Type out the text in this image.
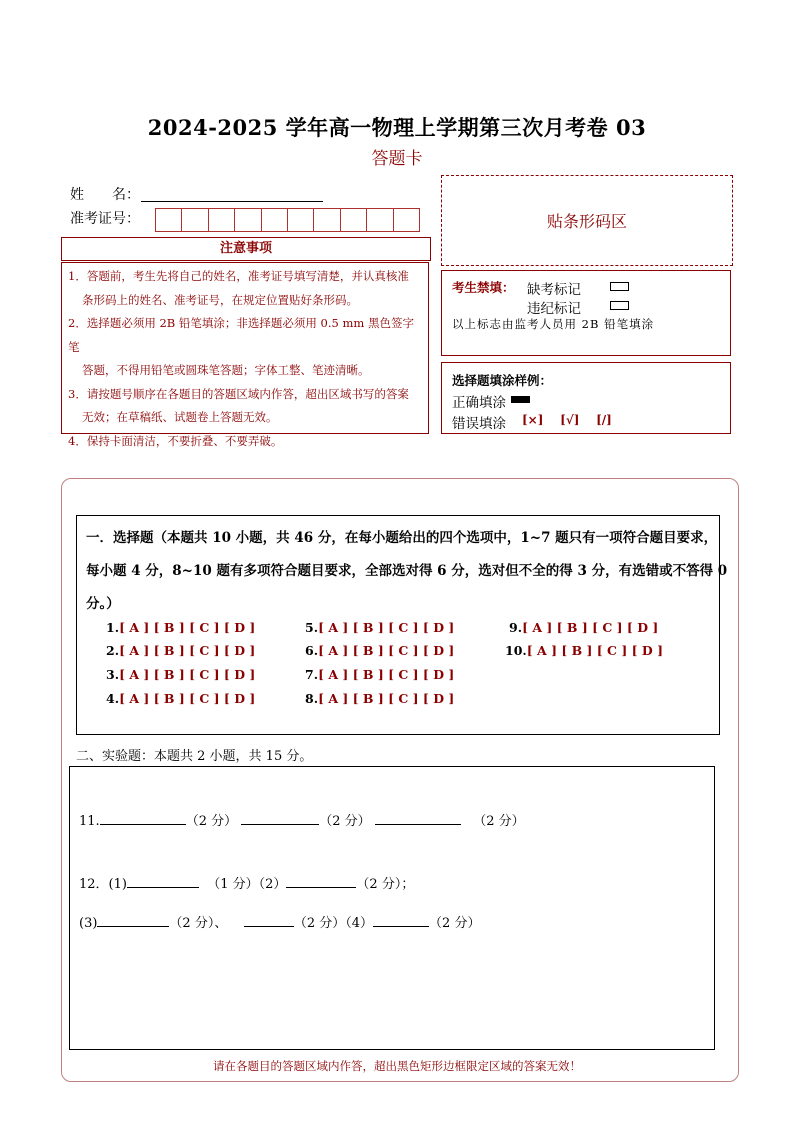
2024-2025 学年高一物理上学期第三次月考卷 03
答题卡
姓　　名：
准考证号：
注意事项

1．答题前，考生先将自己的姓名，准考证号填写清楚，并认真核准

条形码上的姓名、准考证号，在规定位置贴好条形码。

2．选择题必须用 2B 铅笔填涂；非选择题必须用 0.5 mm 黑色签字笔

答题，不得用铅笔或圆珠笔答题；字体工整、笔迹清晰。

3．请按题号顺序在各题目的答题区域内作答，超出区域书写的答案

无效；在草稿纸、试题卷上答题无效。

4．保持卡面清洁，不要折叠、不要弄破。

贴条形码区
考生禁填： 缺考标记
违纪标记
以上标志由监考人员用 2B 铅笔填涂
选择题填涂样例：
正确填涂
错误填涂 [×] [√] [/]
一．选择题（本题共 10 小题，共 46 分，在每小题给出的四个选项中，1~7 题只有一项符合题目要求，
每小题 4 分，8~10 题有多项符合题目要求，全部选对得 6 分，选对但不全的得 3 分，有选错或不答得 0
分。）
1.[ A ] [ B ] [ C ] [ D ]
2.[ A ] [ B ] [ C ] [ D ]
3.[ A ] [ B ] [ C ] [ D ]
4.[ A ] [ B ] [ C ] [ D ]
5.[ A ] [ B ] [ C ] [ D ]
6.[ A ] [ B ] [ C ] [ D ]
7.[ A ] [ B ] [ C ] [ D ]
8.[ A ] [ B ] [ C ] [ D ]
9.[ A ] [ B ] [ C ] [ D ]
10.[ A ] [ B ] [ C ] [ D ]
二、实验题：本题共 2 小题，共 15 分。
11.	（2 分）	（2 分）	（2 分）
12．(1)	（1 分）（2）	（2 分）；
(3)	（2 分）、	（2 分）（4）	（2 分）
请在各题目的答题区域内作答，超出黑色矩形边框限定区域的答案无效！
